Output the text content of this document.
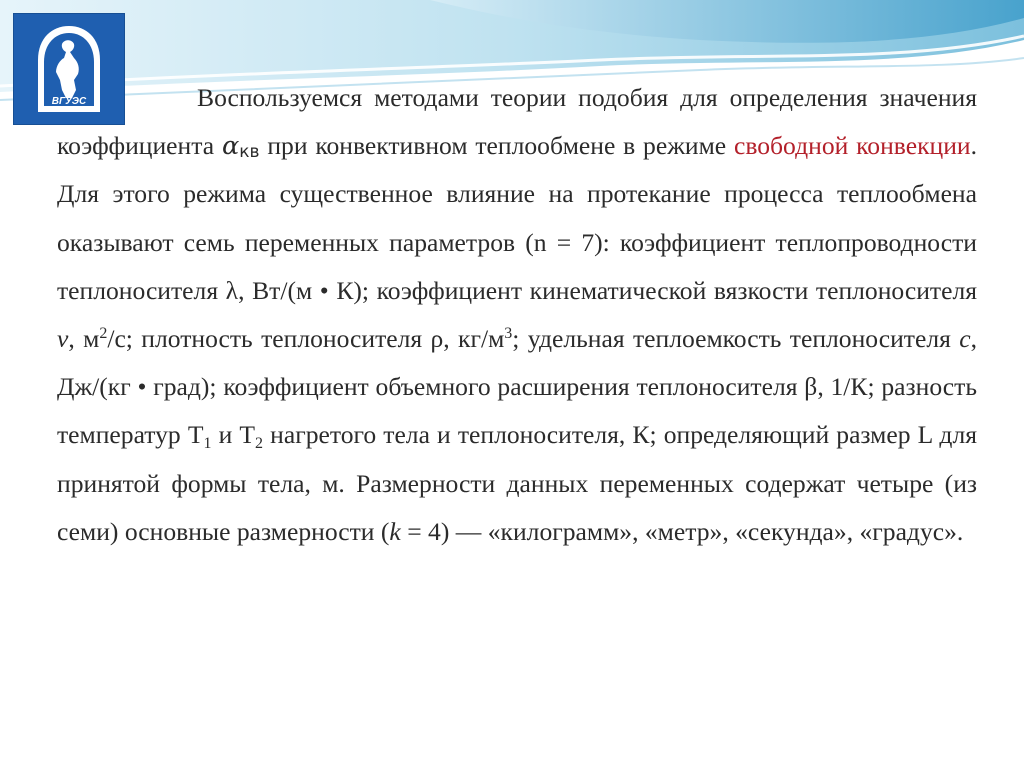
ВГУЭС	Воспользуемся методами теории подобия для определения значения коэффициента αкв при конвективном теплообмене в режиме свободной конвекции. Для этого режима существенное влияние на протекание процесса теплообмена оказывают семь переменных параметров (n = 7): коэффициент теплопроводности теплоносителя λ, Вт/(м • К); коэффициент кинематической вязкости теплоносителя ν, $м^2/с$; плотность теплоносителя ρ, $кг/м^3$; удельная теплоемкость теплоносителя c, Дж/(кг • град); коэффициент объемного расширения теплоносителя β, 1/К; разность температур $Т_1$ и $Т_2$ нагретого тела и теплоносителя, К; определяющий размер L для принятой формы тела, м. Размерности данных переменных содержат четыре (из семи) основные размерности (k = 4) — «килограмм», «метр», «секунда», «градус».
